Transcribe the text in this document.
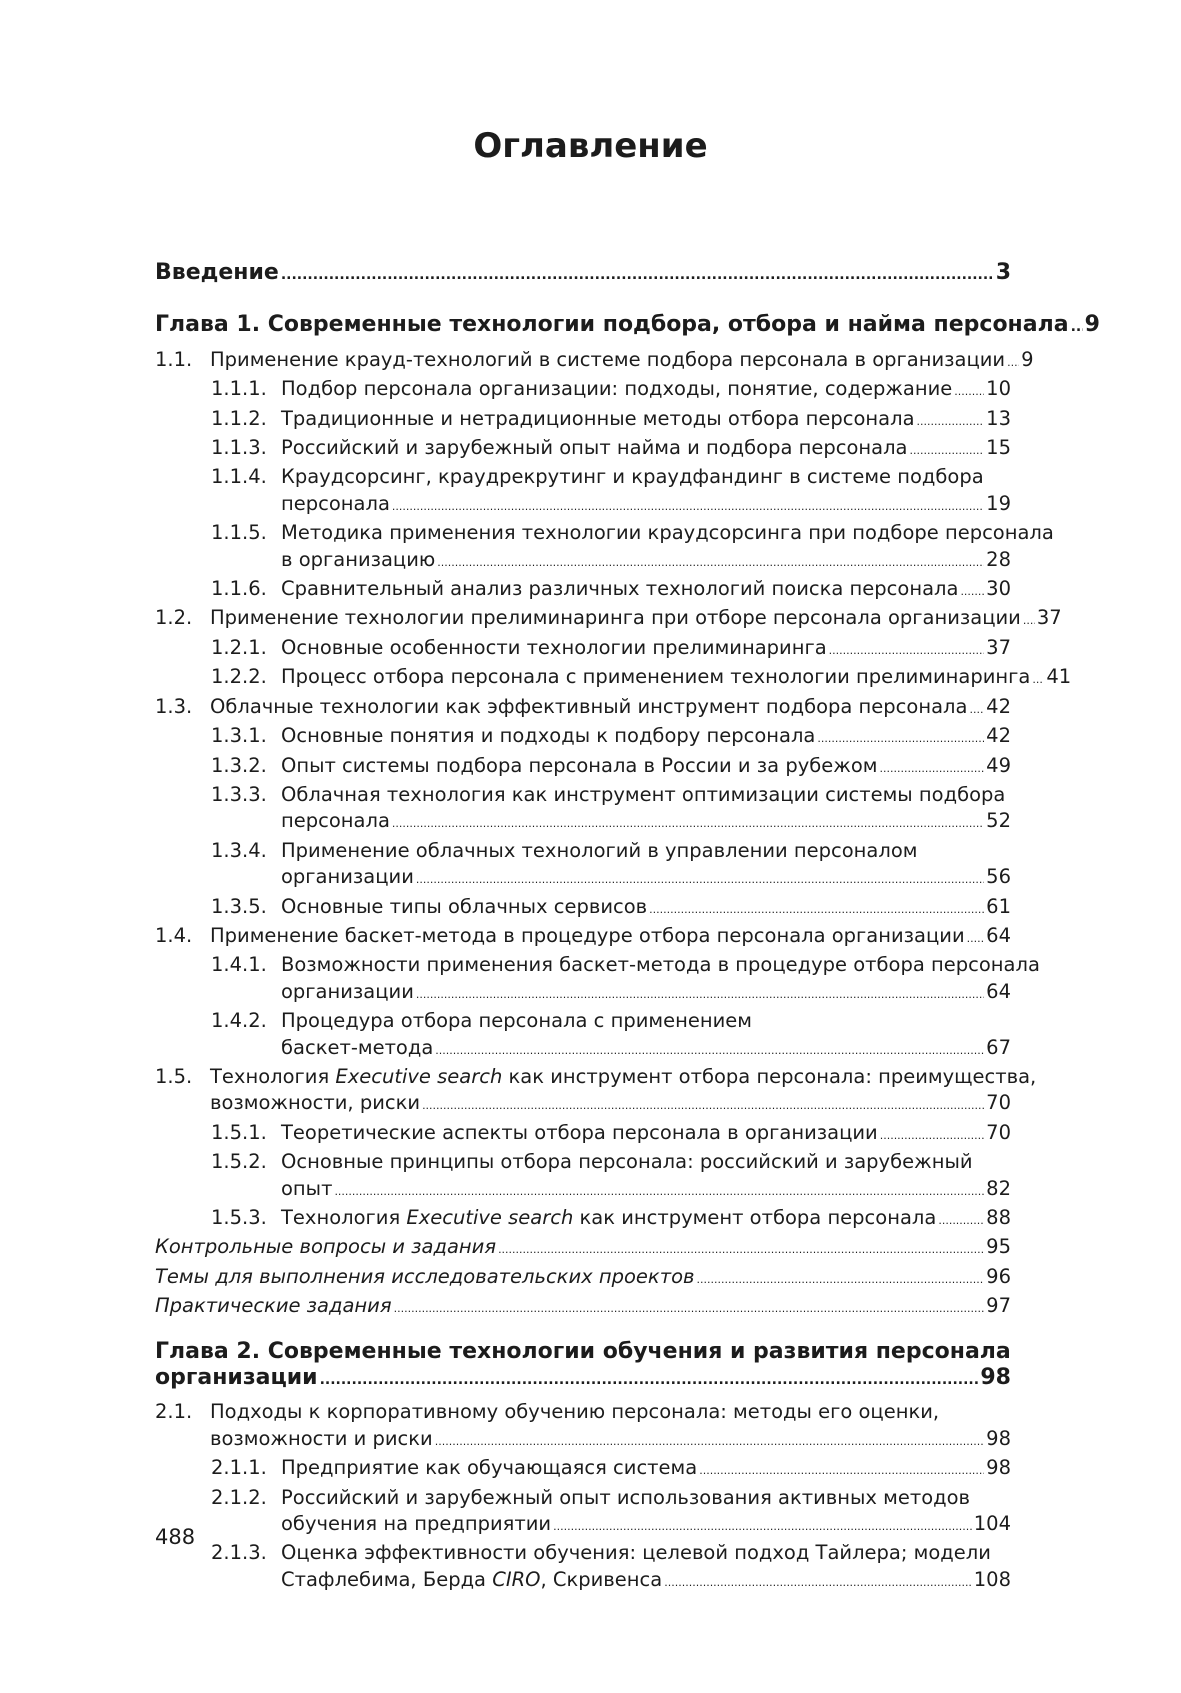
Оглавление
Введение .....	3
Глава 1. Современные технологии подбора, отбора и найма персонала ..... 9
1.1. Применение крауд-технологий в системе подбора персонала в организации ..... 9
1.1.1. Подбор персонала организации: подходы, понятие, содержание ..... 10
1.1.2. Традиционные и нетрадиционные методы отбора персонала .....	13
1.1.3. Российский и зарубежный опыт найма и подбора персонала .....	15
1.1.4. Краудсорсинг, краудрекрутинг и краудфандинг в системе подбора
персонала .....	19
1.1.5. Методика применения технологии краудсорсинга при подборе персонала
в организацию .....	28
1.1.6. Сравнительный анализ различных технологий поиска персонала ..... 30
1.2. Применение технологии прелиминаринга при отборе персонала организации ..... 37
1.2.1. Основные особенности технологии прелиминаринга .....	37
1.2.2. Процесс отбора персонала с применением технологии прелиминаринга ..... 41
1.3. Облачные технологии как эффективный инструмент подбора персонала ..... 42
1.3.1. Основные понятия и подходы к подбору персонала .....	42
1.3.2. Опыт системы подбора персонала в России и за рубежом .....	49
1.3.3. Облачная технология как инструмент оптимизации системы подбора
персонала .....	52
1.3.4. Применение облачных технологий в управлении персоналом
организации .....	56
1.3.5. Основные типы облачных сервисов .....	61
1.4. Применение баскет-метода в процедуре отбора персонала организации ..... 64
1.4.1. Возможности применения баскет-метода в процедуре отбора персонала
организации .....	64
1.4.2. Процедура отбора персонала с применением
баскет-метода .....	67
1.5. Технология Executive search как инструмент отбора персонала: преимущества,
возможности, риски .....	70
1.5.1. Теоретические аспекты отбора персонала в организации .....	70
1.5.2. Основные принципы отбора персонала: российский и зарубежный
опыт .....	82
1.5.3. Технология Executive search как инструмент отбора персонала .....	88
Контрольные вопросы и задания .....	95
Темы для выполнения исследовательских проектов .....	96
Практические задания .....	97
Глава 2. Современные технологии обучения и развития персонала
организации .....	98
2.1. Подходы к корпоративному обучению персонала: методы его оценки,
возможности и риски .....	98
2.1.1. Предприятие как обучающаяся система .....	98
2.1.2. Российский и зарубежный опыт использования активных методов
обучения на предприятии .....	104
2.1.3. Оценка эффективности обучения: целевой подход Тайлера; модели
Стафлебима, Берда CIRO, Скривенса .....	108
488
